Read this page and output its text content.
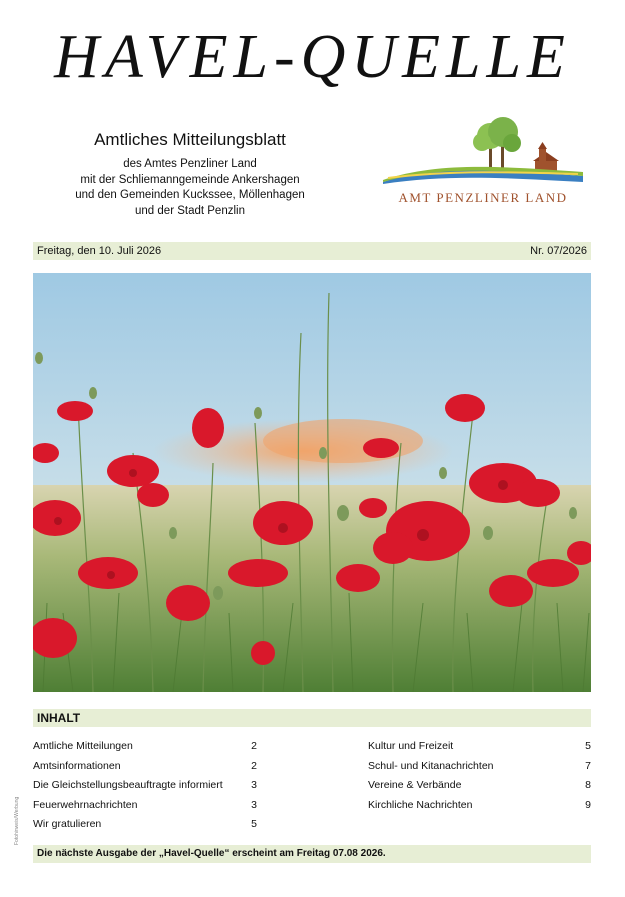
HAVEL-QUELLE
Amtliches Mitteilungsblatt
des Amtes Penzliner Land
mit der Schliemanngemeinde Ankershagen
und den Gemeinden Kuckssee, Möllenhagen
und der Stadt Penzlin
AMT PENZLINER LAND
Freitag, den 10. Juli 2026	Nr. 07/2026
INHALT
Amtliche Mitteilungen	2
Amtsinformationen	2
Die Gleichstellungsbeauftragte informiert	3
Feuerwehrnachrichten	3
Wir gratulieren	5
Kultur und Freizeit	5
Schul- und Kitanachrichten	7
Vereine & Verbände	8
Kirchliche Nachrichten	9
Fotohinweis/Werbung
Die nächste Ausgabe der „Havel-Quelle“ erscheint am Freitag 07.08 2026.
